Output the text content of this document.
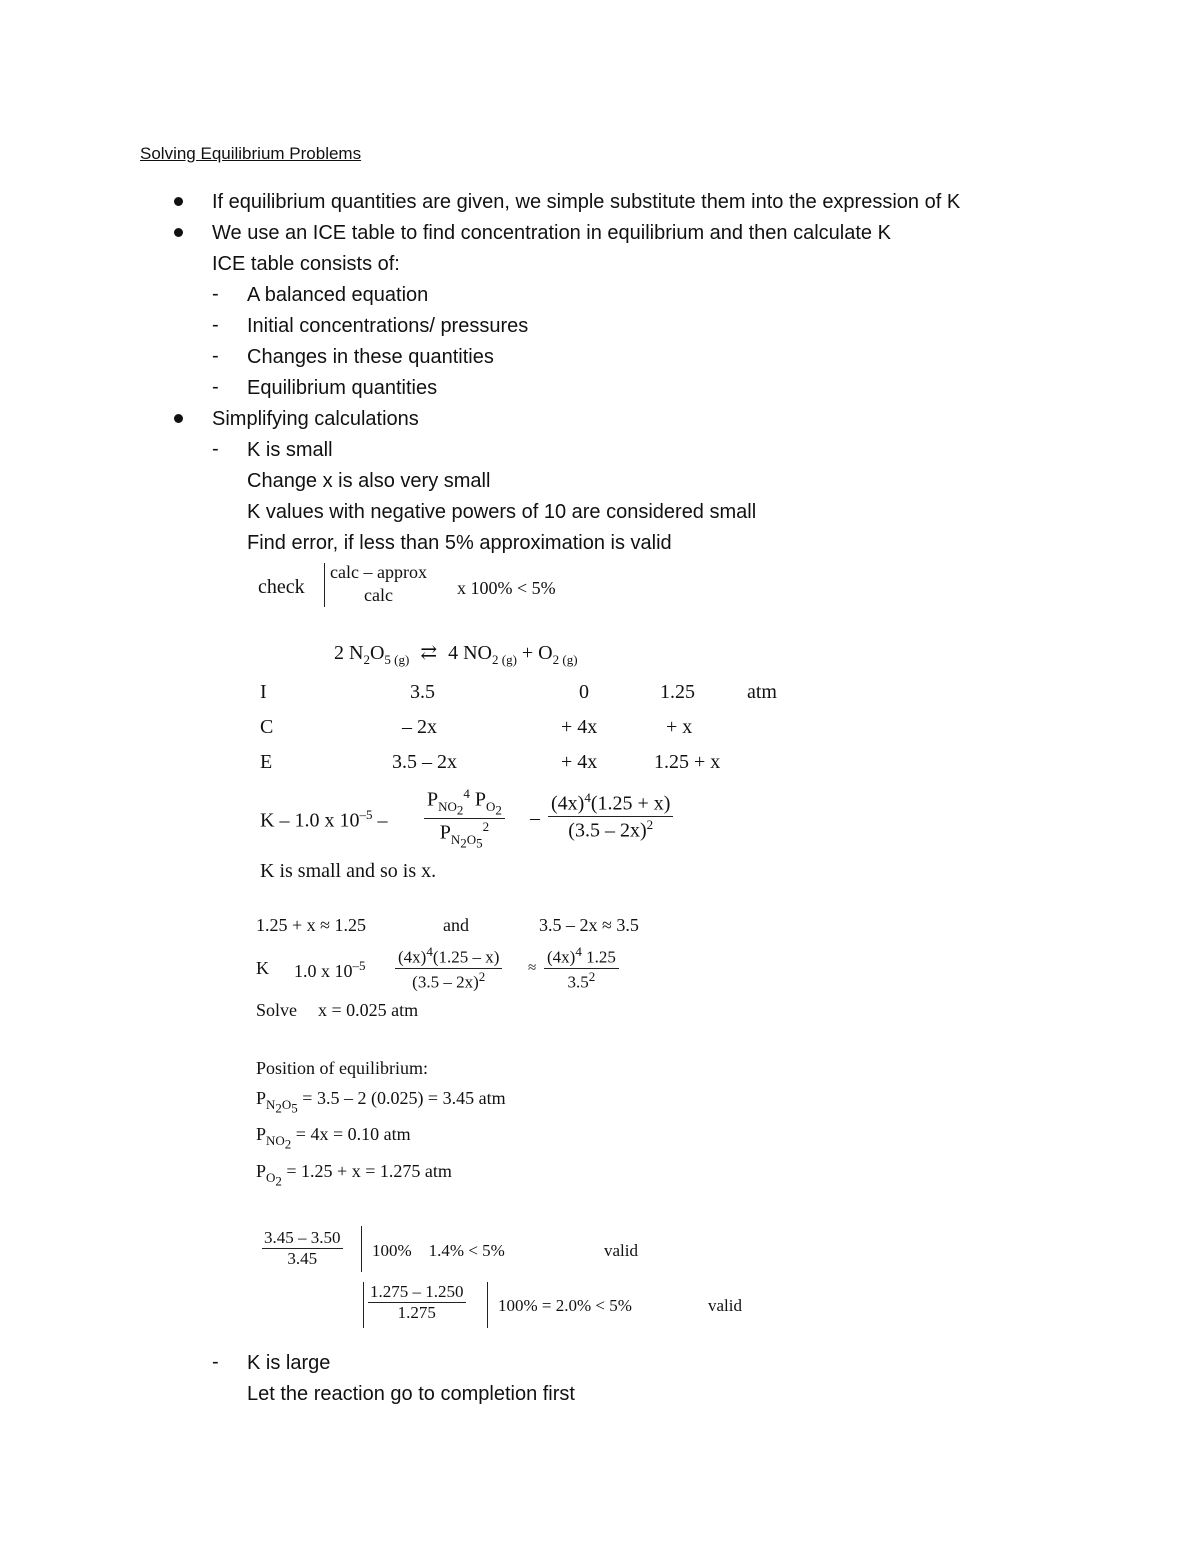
Solving Equilibrium Problems
If equilibrium quantities are given, we simple substitute them into the expression of K
We use an ICE table to find concentration in equilibrium and then calculate K
ICE table consists of:
- A balanced equation
- Initial concentrations/ pressures
- Changes in these quantities
- Equilibrium quantities
Simplifying calculations
- K is small
Change x is also very small
K values with negative powers of 10 are considered small
Find error, if less than 5% approximation is valid
check
calc – approx
calc	x 100% < 5%
2 $N_2O_{5 (g)}$ ⇄ 4 $NO_{2 (g)} + O_{2 (g)}$
I	3.5	0	1.25	atm
C	– 2x	+ 4x	+ x
E	3.5 – 2x	+ 4x	1.25 + x
K – 1.0 x $10^{-5}$ –
$P_{NO_2}^4$ $P_{O_2}$
$P_{N_2O_5}^2$	–
$(4x)^4(1.25 + x)$
(3.5 – 2x)$^2$
K is small and so is x.
1.25 + x ≈ 1.25	and	3.5 – 2x ≈ 3.5
K 1.0 x $10^{-5}$ $(4x)^4(1.25 - x)$
(3.5 – 2x)$^2$
≈
$(4x)^4$ 1.25
$3.5^2$
Solve x = 0.025 atm
Position of equilibrium:
$P_{N_2O_5} = 3.5 - 2$ (0.025) = 3.45 atm
$P_{NO_2} = 4x = 0.10$ atm
$P_{O_2} = 1.25 + x = 1.275$ atm
$\frac{3.45 - 3.50}{3.45} 100\%$    1.4% < 5%	valid
$\frac{1.275 - 1.250}{1.275} 100\% = 2.0\% < 5\%$	valid
- K is large
Let the reaction go to completion first
